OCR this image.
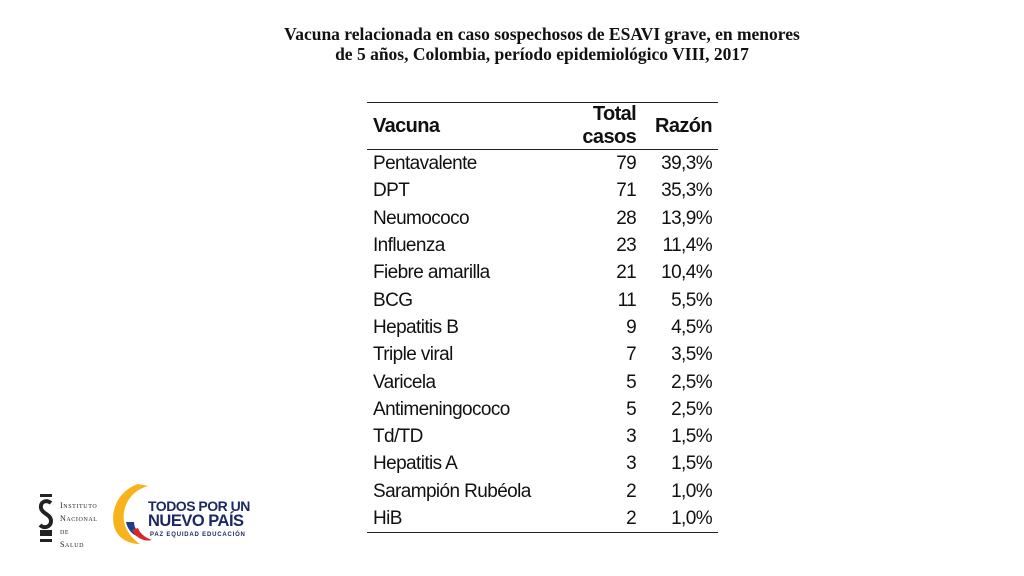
Vacuna relacionada en caso sospechosos de ESAVI grave, en menores
de 5 años, Colombia, período epidemiológico VIII, 2017
Vacuna	Total casos	Razón
Pentavalente	79	39,3%
DPT	71	35,3%
Neumococo	28	13,9%
Influenza	23	11,4%
Fiebre amarilla	21	10,4%
BCG	11	5,5%
Hepatitis B	9	4,5%
Triple viral	7	3,5%
Varicela	5	2,5%
Antimeningococo	5	2,5%
Td/TD	3	1,5%
Hepatitis A	3	1,5%
Sarampión Rubéola	2	1,0%
HiB	2	1,0%
Instituto
Nacional de
Salud
TODOS POR UN
NUEVO PAÍS
PAZ EQUIDAD EDUCACIÓN
